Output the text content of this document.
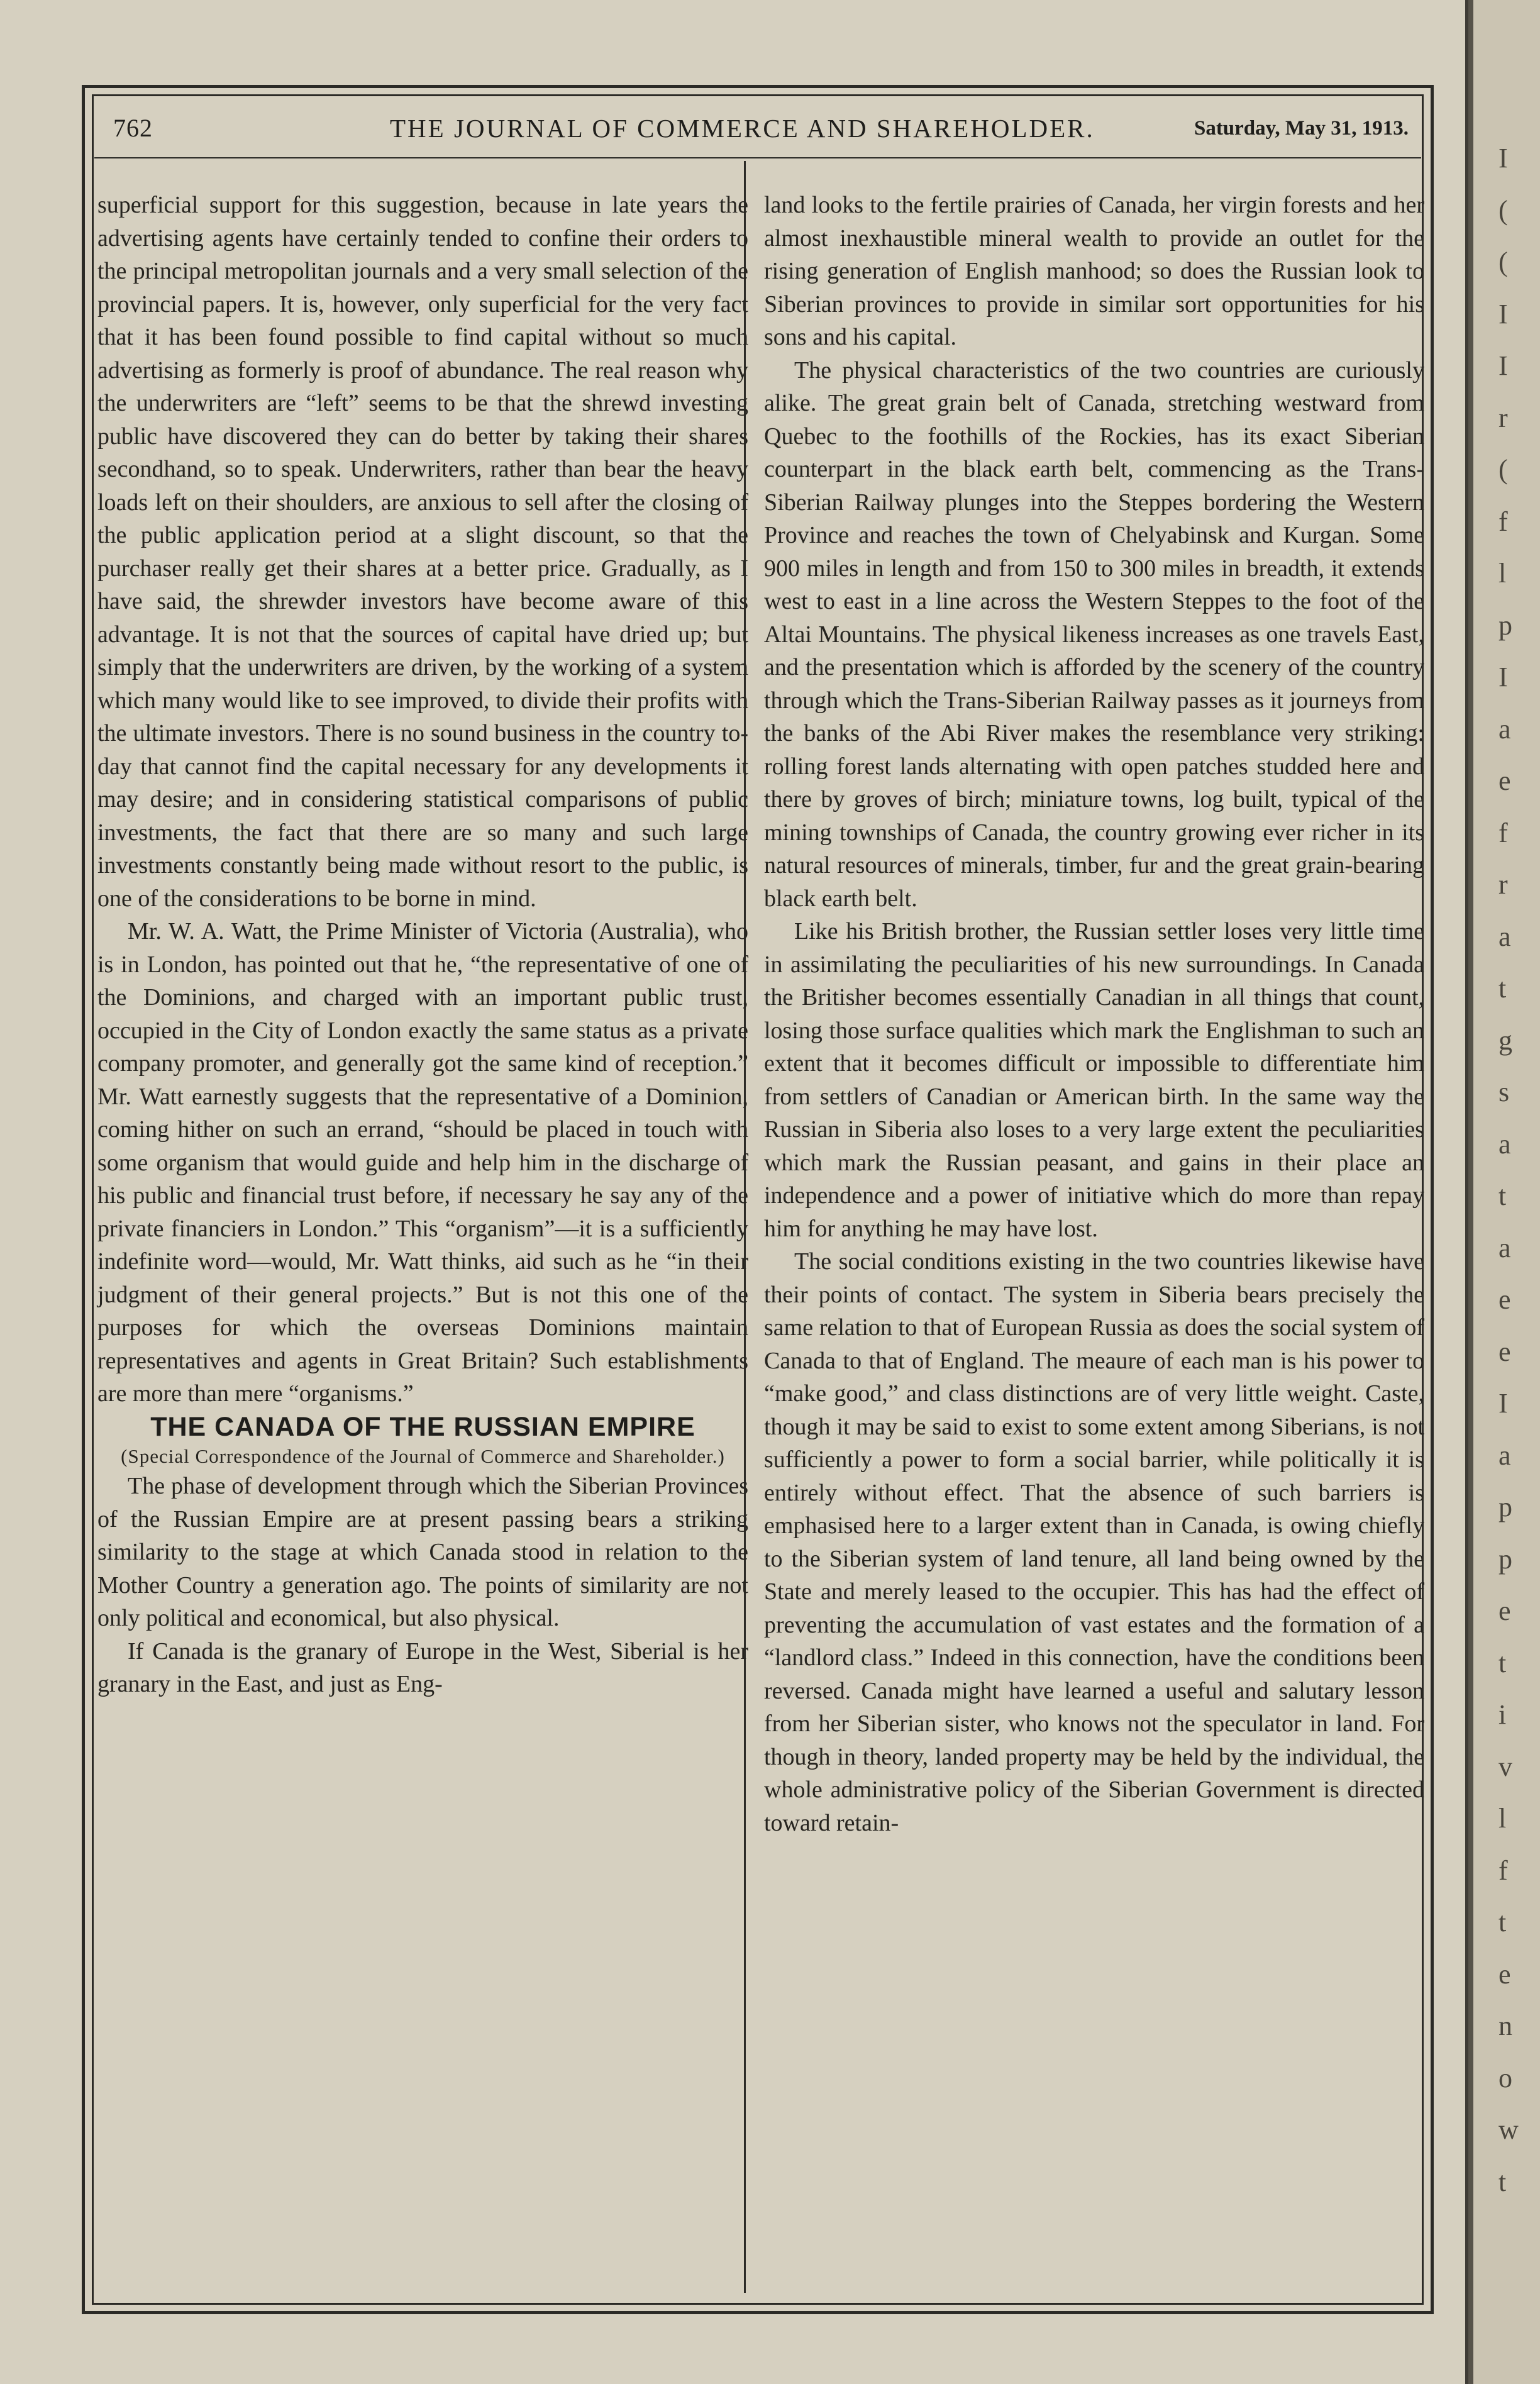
762	THE JOURNAL OF COMMERCE AND SHAREHOLDER.	Saturday, May 31, 1913.

superficial support for this suggestion, because in late years the advertising agents have certainly tended to confine their orders to the principal metropolitan journals and a very small selection of the provincial papers. It is, however, only superficial for the very fact that it has been found possible to find capital without so much advertising as formerly is proof of abundance. The real reason why the underwriters are “left” seems to be that the shrewd investing public have discovered they can do better by taking their shares secondhand, so to speak. Underwriters, rather than bear the heavy loads left on their shoulders, are anxious to sell after the closing of the public application period at a slight discount, so that the purchaser really get their shares at a better price. Gradually, as I have said, the shrewder investors have become aware of this advantage. It is not that the sources of capital have dried up; but simply that the underwriters are driven, by the working of a system which many would like to see improved, to divide their profits with the ultimate investors. There is no sound business in the country to-day that cannot find the capital necessary for any developments it may desire; and in considering statistical comparisons of public investments, the fact that there are so many and such large investments constantly being made without resort to the public, is one of the considerations to be borne in mind.

Mr. W. A. Watt, the Prime Minister of Victoria (Australia), who is in London, has pointed out that he, “the representative of one of the Dominions, and charged with an important public trust, occupied in the City of London exactly the same status as a private company promoter, and generally got the same kind of reception.” Mr. Watt earnestly suggests that the representative of a Dominion, coming hither on such an errand, “should be placed in touch with some organism that would guide and help him in the discharge of his public and financial trust before, if necessary he say any of the private financiers in London.” This “organism”—it is a sufficiently indefinite word—would, Mr. Watt thinks, aid such as he “in their judgment of their general projects.” But is not this one of the purposes for which the overseas Dominions maintain representatives and agents in Great Britain? Such establishments are more than mere “organisms.”

THE CANADA OF THE RUSSIAN EMPIRE

(Special Correspondence of the Journal of Commerce and Shareholder.)

The phase of development through which the Siberian Provinces of the Russian Empire are at present passing bears a striking similarity to the stage at which Canada stood in relation to the Mother Country a generation ago. The points of similarity are not only political and economical, but also physical.

If Canada is the granary of Europe in the West, Siberial is her granary in the East, and just as Eng-

land looks to the fertile prairies of Canada, her virgin forests and her almost inexhaustible mineral wealth to provide an outlet for the rising generation of English manhood; so does the Russian look to Siberian provinces to provide in similar sort opportunities for his sons and his capital.

The physical characteristics of the two countries are curiously alike. The great grain belt of Canada, stretching westward from Quebec to the foothills of the Rockies, has its exact Siberian counterpart in the black earth belt, commencing as the Trans-Siberian Railway plunges into the Steppes bordering the Western Province and reaches the town of Chelyabinsk and Kurgan. Some 900 miles in length and from 150 to 300 miles in breadth, it extends west to east in a line across the Western Steppes to the foot of the Altai Mountains. The physical likeness increases as one travels East, and the presentation which is afforded by the scenery of the country through which the Trans-Siberian Railway passes as it journeys from the banks of the Abi River makes the resemblance very striking: rolling forest lands alternating with open patches studded here and there by groves of birch; miniature towns, log built, typical of the mining townships of Canada, the country growing ever richer in its natural resources of minerals, timber, fur and the great grain-bearing black earth belt.

Like his British brother, the Russian settler loses very little time in assimilating the peculiarities of his new surroundings. In Canada the Britisher becomes essentially Canadian in all things that count, losing those surface qualities which mark the Englishman to such an extent that it becomes difficult or impossible to differentiate him from settlers of Canadian or American birth. In the same way the Russian in Siberia also loses to a very large extent the peculiarities which mark the Russian peasant, and gains in their place an independence and a power of initiative which do more than repay him for anything he may have lost.

The social conditions existing in the two countries likewise have their points of contact. The system in Siberia bears precisely the same relation to that of European Russia as does the social system of Canada to that of England. The meaure of each man is his power to “make good,” and class distinctions are of very little weight. Caste, though it may be said to exist to some extent among Siberians, is not sufficiently a power to form a social barrier, while politically it is entirely without effect. That the absence of such barriers is emphasised here to a larger extent than in Canada, is owing chiefly to the Siberian system of land tenure, all land being owned by the State and merely leased to the occupier. This has had the effect of preventing the accumulation of vast estates and the formation of a “landlord class.” Indeed in this connection, have the conditions been reversed. Canada might have learned a useful and salutary lesson from her Siberian sister, who knows not the speculator in land. For though in theory, landed property may be held by the individual, the whole administrative policy of the Siberian Government is directed toward retain-

I
(
(
I
I
r
(
f
l
p
I
a
e
f
r
a
t
g
s
a
t
a
e
e
I
a
p
p
e
t
i
v
l
f
t
e
n
o
w
t
